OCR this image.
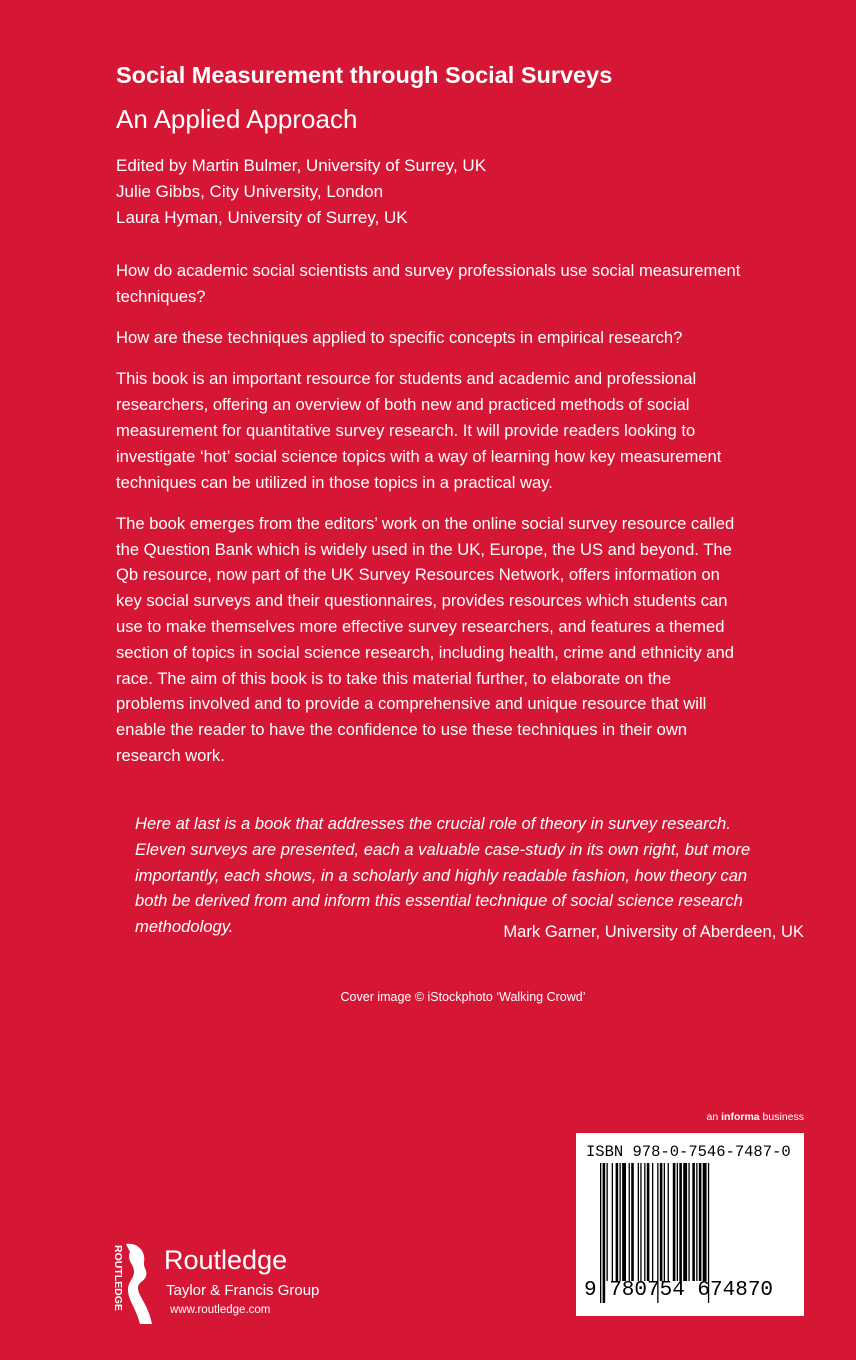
Social Measurement through Social Surveys
An Applied Approach
Edited by Martin Bulmer, University of Surrey, UK
Julie Gibbs, City University, London
Laura Hyman, University of Surrey, UK

How do academic social scientists and survey professionals use social measurement
techniques?

How are these techniques applied to specific concepts in empirical research?

This book is an important resource for students and academic and professional
researchers, offering an overview of both new and practiced methods of social
measurement for quantitative survey research. It will provide readers looking to
investigate ‘hot’ social science topics with a way of learning how key measurement
techniques can be utilized in those topics in a practical way.

The book emerges from the editors’ work on the online social survey resource called
the Question Bank which is widely used in the UK, Europe, the US and beyond. The
Qb resource, now part of the UK Survey Resources Network, offers information on
key social surveys and their questionnaires, provides resources which students can
use to make themselves more effective survey researchers, and features a themed
section of topics in social science research, including health, crime and ethnicity and
race. The aim of this book is to take this material further, to elaborate on the
problems involved and to provide a comprehensive and unique resource that will
enable the reader to have the confidence to use these techniques in their own
research work.

Here at last is a book that addresses the crucial role of theory in survey research.
Eleven surveys are presented, each a valuable case-study in its own right, but more
importantly, each shows, in a scholarly and highly readable fashion, how theory can
both be derived from and inform this essential technique of social science research
methodology.	Mark Garner, University of Aberdeen, UK
Cover image © iStockphoto ‘Walking Crowd’
an informa business
ISBN 978-0-7546-7487-0
9 780754 674870
ROUTLEDGE Routledge
Taylor & Francis Group
www.routledge.com
